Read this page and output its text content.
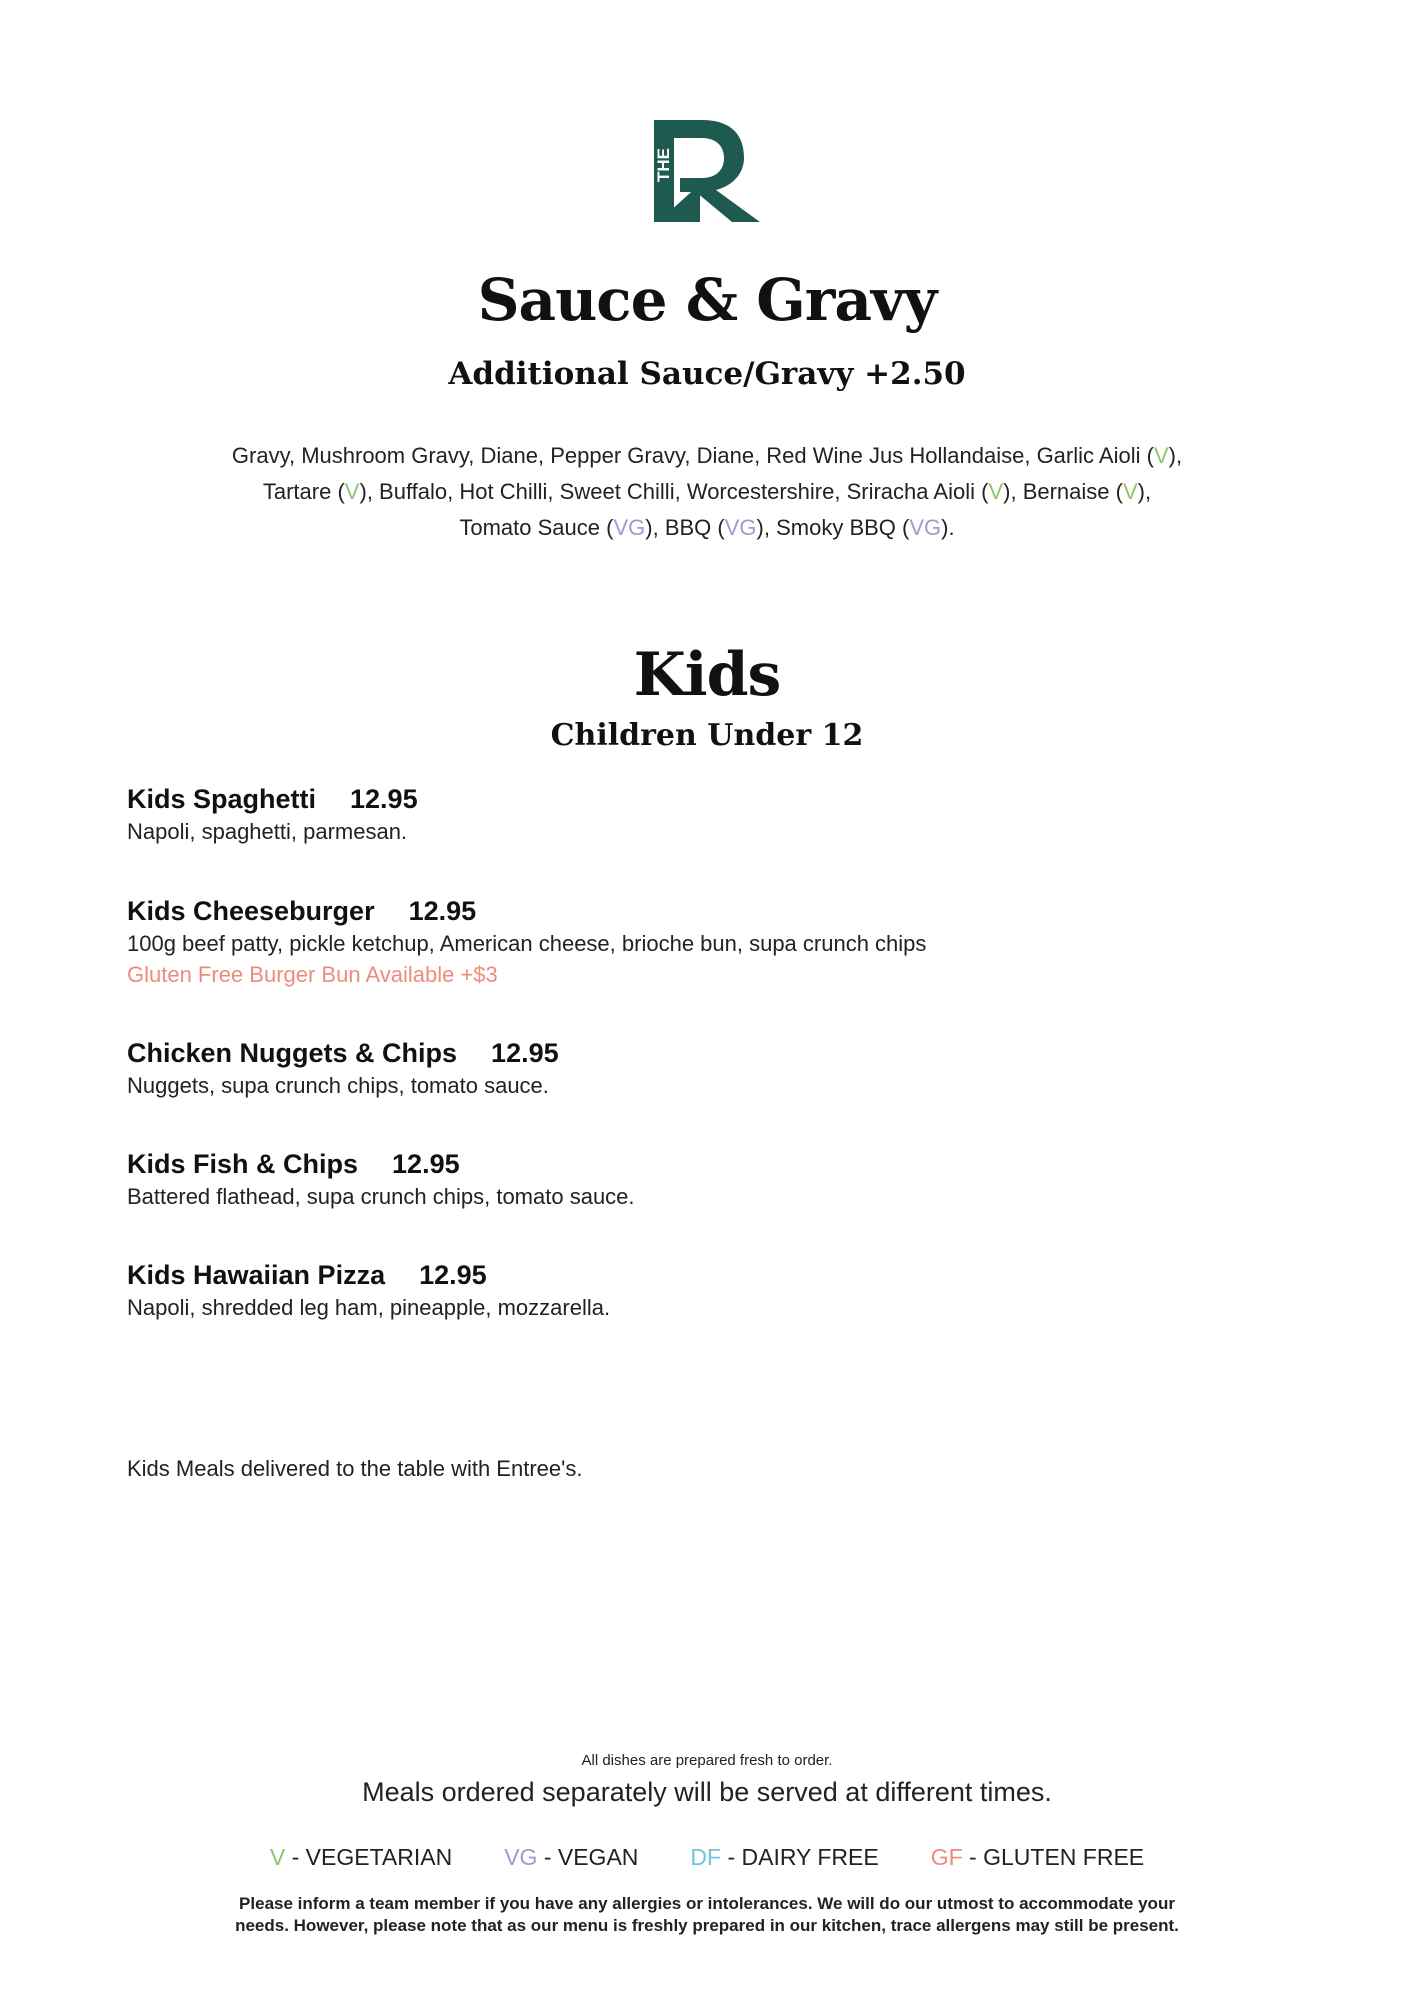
THE THE
Sauce & Gravy
Additional Sauce/Gravy +2.50
Gravy, Mushroom Gravy, Diane, Pepper Gravy, Diane, Red Wine Jus Hollandaise, Garlic Aioli (V),
Tartare (V), Buffalo, Hot Chilli, Sweet Chilli, Worcestershire, Sriracha Aioli (V), Bernaise (V),
Tomato Sauce (VG), BBQ (VG), Smoky BBQ (VG).
Kids
Children Under 12
Kids Spaghetti 12.95
Napoli, spaghetti, parmesan.
Kids Cheeseburger 12.95
100g beef patty, pickle ketchup, American cheese, brioche bun, supa crunch chips
Gluten Free Burger Bun Available +$3
Chicken Nuggets & Chips 12.95
Nuggets, supa crunch chips, tomato sauce.
Kids Fish & Chips 12.95
Battered flathead, supa crunch chips, tomato sauce.
Kids Hawaiian Pizza 12.95
Napoli, shredded leg ham, pineapple, mozzarella.
Kids Meals delivered to the table with Entree's.
All dishes are prepared fresh to order.
Meals ordered separately will be served at different times.
V - VEGETARIAN VG - VEGAN DF - DAIRY FREE GF - GLUTEN FREE
Please inform a team member if you have any allergies or intolerances. We will do our utmost to accommodate your
needs. However, please note that as our menu is freshly prepared in our kitchen, trace allergens may still be present.
